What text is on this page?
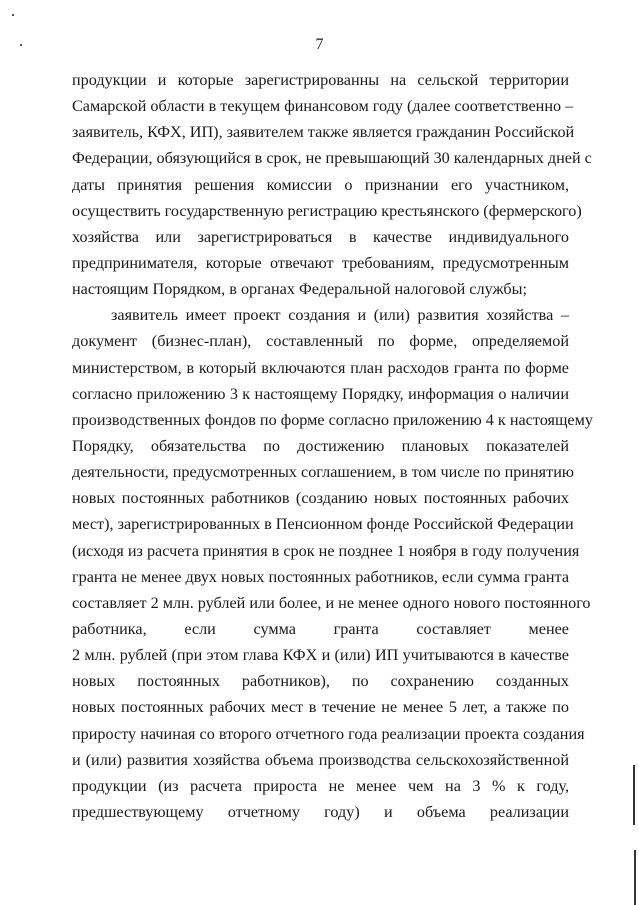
7
продукции и которые зарегистрированны на сельской территории
Самарской области в текущем финансовом году (далее соответственно –
заявитель, КФХ, ИП), заявителем также является гражданин Российской
Федерации, обязующийся в срок, не превышающий 30 календарных дней с
даты принятия решения комиссии о признании его участником,
осуществить государственную регистрацию крестьянского (фермерского)
хозяйства или зарегистрироваться в качестве индивидуального
предпринимателя, которые отвечают требованиям, предусмотренным
настоящим Порядком, в органах Федеральной налоговой службы;
заявитель имеет проект создания и (или) развития хозяйства –
документ (бизнес-план), составленный по форме, определяемой
министерством, в который включаются план расходов гранта по форме
согласно приложению 3 к настоящему Порядку, информация о наличии
производственных фондов по форме согласно приложению 4 к настоящему
Порядку, обязательства по достижению плановых показателей
деятельности, предусмотренных соглашением, в том числе по принятию
новых постоянных работников (созданию новых постоянных рабочих
мест), зарегистрированных в Пенсионном фонде Российской Федерации
(исходя из расчета принятия в срок не позднее 1 ноября в году получения
гранта не менее двух новых постоянных работников, если сумма гранта
составляет 2 млн. рублей или более, и не менее одного нового постоянного
работника, если сумма гранта составляет менее
2 млн. рублей (при этом глава КФХ и (или) ИП учитываются в качестве
новых постоянных работников), по сохранению созданных
новых постоянных рабочих мест в течение не менее 5 лет, а также по
приросту начиная со второго отчетного года реализации проекта создания
и (или) развития хозяйства объема производства сельскохозяйственной
продукции (из расчета прироста не менее чем на 3 % к году,
предшествующему отчетному году) и объема реализации
